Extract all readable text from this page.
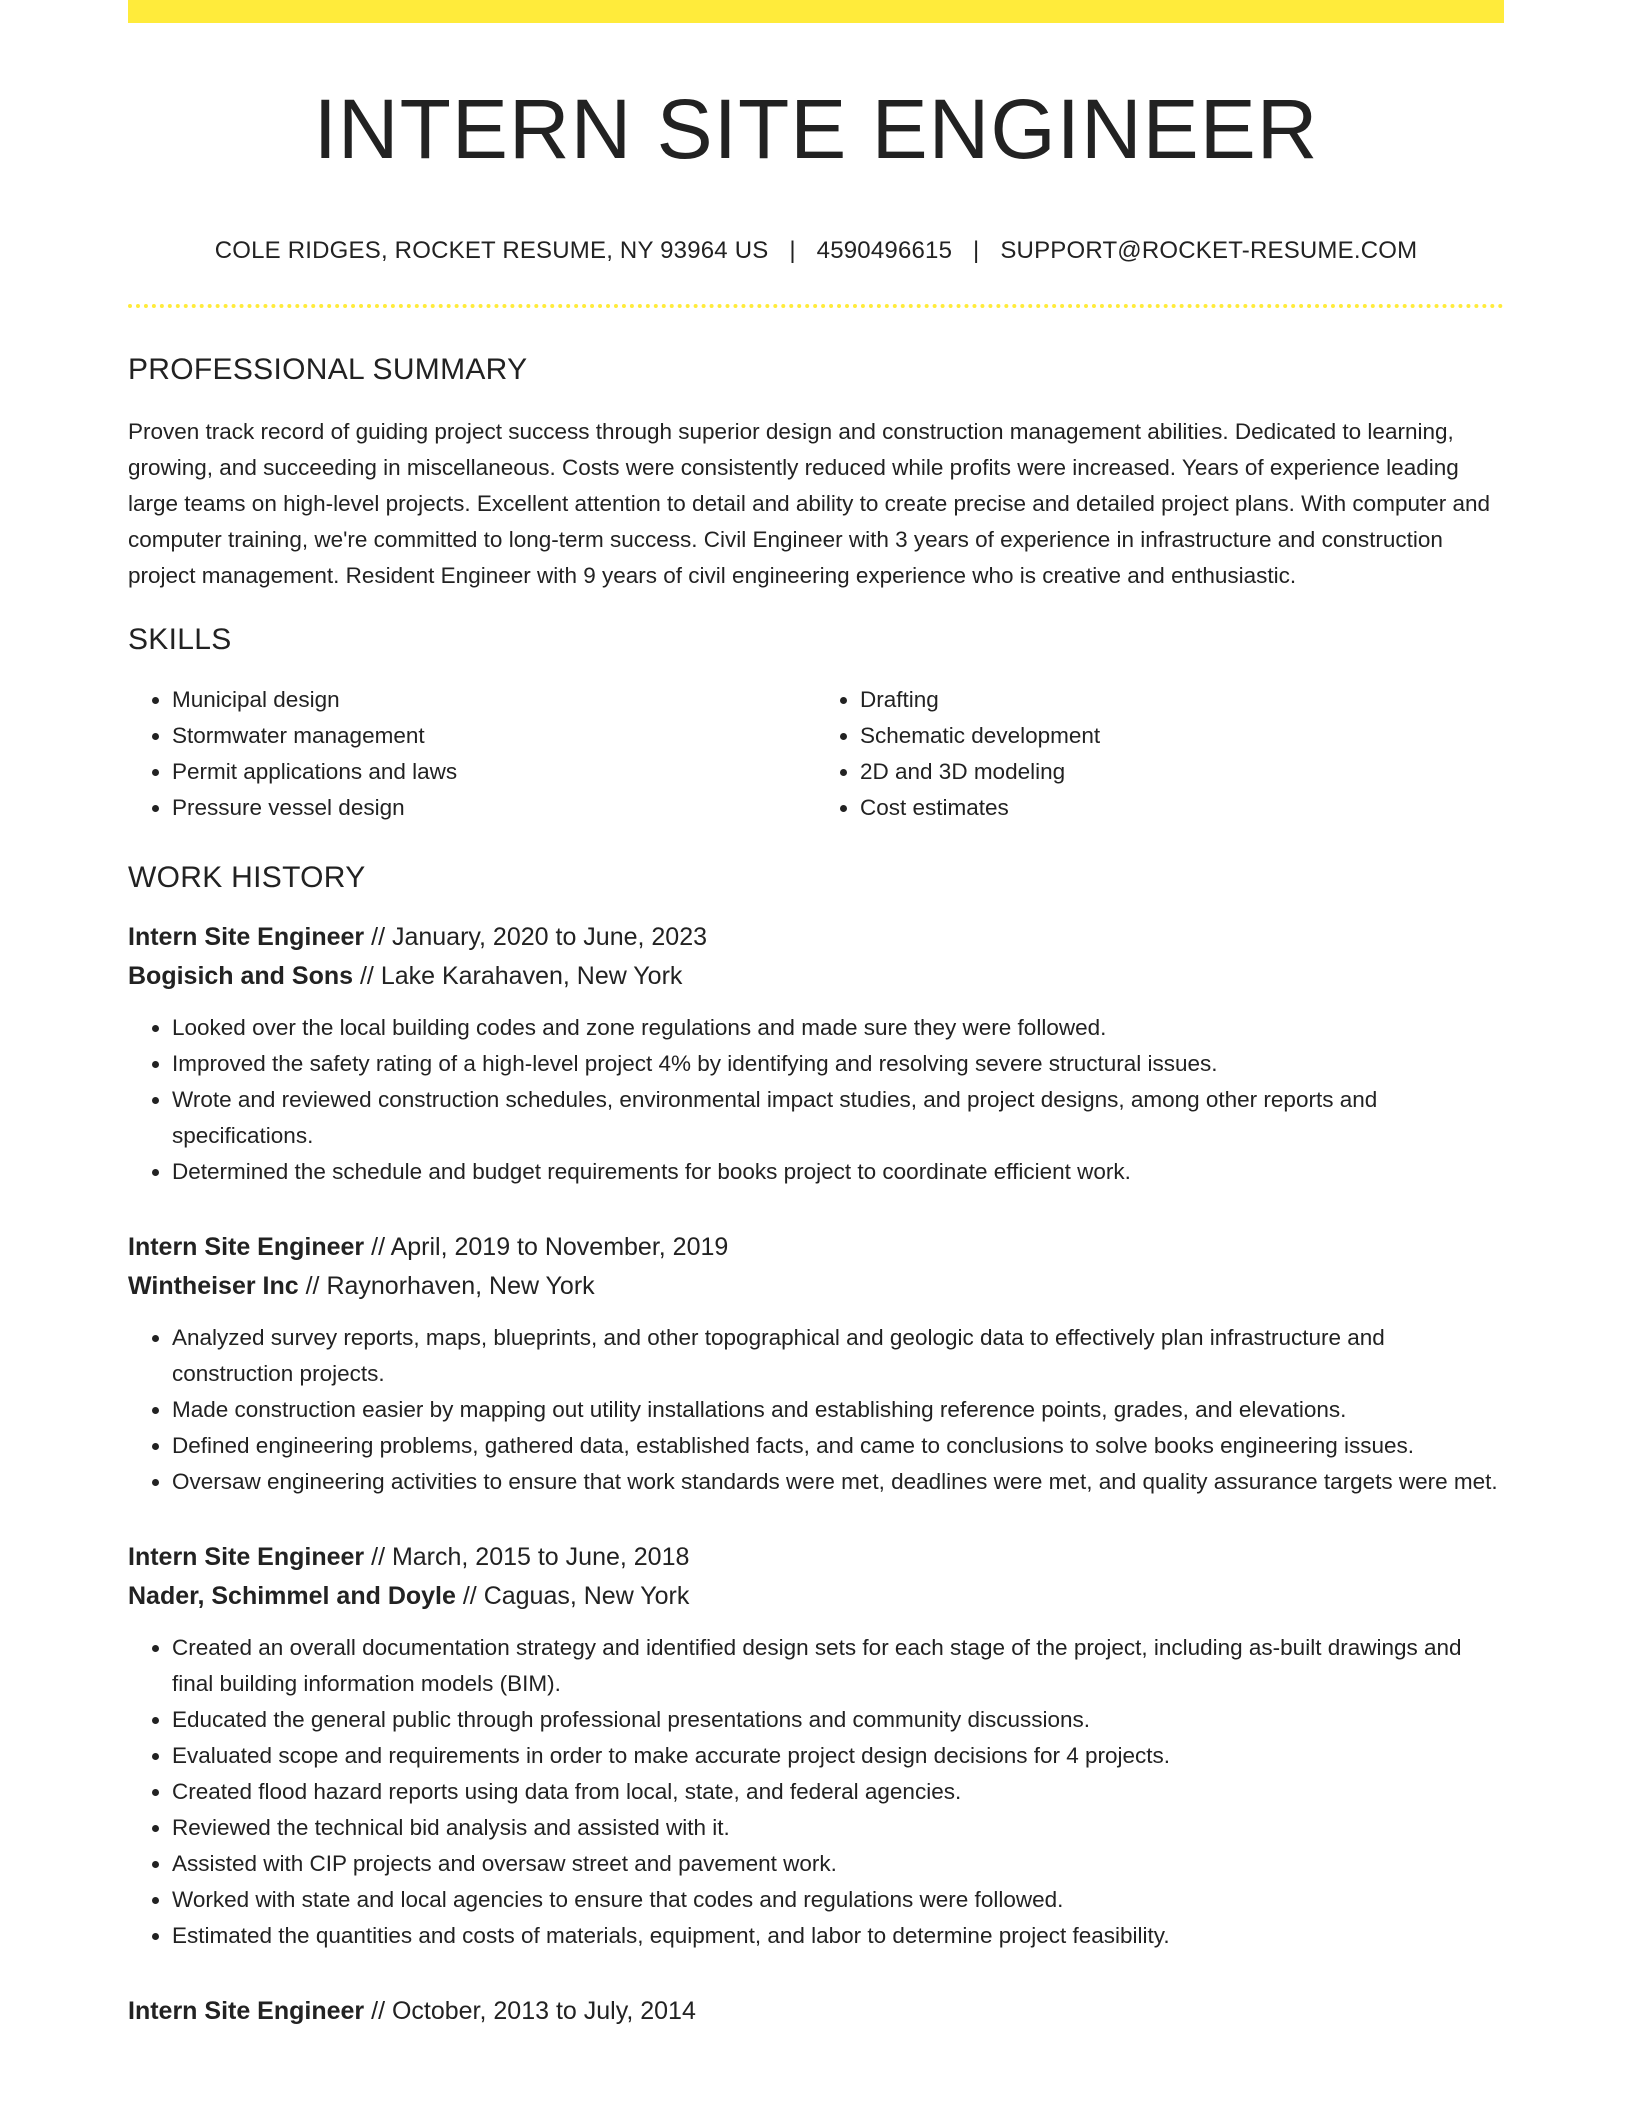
INTERN SITE ENGINEER
COLE RIDGES, ROCKET RESUME, NY 93964 US | 4590496615 | SUPPORT@ROCKET-RESUME.COM
PROFESSIONAL SUMMARY

Proven track record of guiding project success through superior design and construction management abilities. Dedicated to learning, growing, and succeeding in miscellaneous. Costs were consistently reduced while profits were increased. Years of experience leading large teams on high-level projects. Excellent attention to detail and ability to create precise and detailed project plans. With computer and computer training, we're committed to long-term success. Civil Engineer with 3 years of experience in infrastructure and construction project management. Resident Engineer with 9 years of civil engineering experience who is creative and enthusiastic.

SKILLS
• Municipal design
• Stormwater management
• Permit applications and laws
• Pressure vessel design
• Drafting
• Schematic development
• 2D and 3D modeling
• Cost estimates
WORK HISTORY
Intern Site Engineer // January, 2020 to June, 2023
Bogisich and Sons // Lake Karahaven, New York
• Looked over the local building codes and zone regulations and made sure they were followed.
• Improved the safety rating of a high-level project 4% by identifying and resolving severe structural issues.
• Wrote and reviewed construction schedules, environmental impact studies, and project designs, among other reports and specifications.
• Determined the schedule and budget requirements for books project to coordinate efficient work.
Intern Site Engineer // April, 2019 to November, 2019
Wintheiser Inc // Raynorhaven, New York
• Analyzed survey reports, maps, blueprints, and other topographical and geologic data to effectively plan infrastructure and construction projects.
• Made construction easier by mapping out utility installations and establishing reference points, grades, and elevations.
• Defined engineering problems, gathered data, established facts, and came to conclusions to solve books engineering issues.
• Oversaw engineering activities to ensure that work standards were met, deadlines were met, and quality assurance targets were met.
Intern Site Engineer // March, 2015 to June, 2018
Nader, Schimmel and Doyle // Caguas, New York
• Created an overall documentation strategy and identified design sets for each stage of the project, including as-built drawings and final building information models (BIM).
• Educated the general public through professional presentations and community discussions.
• Evaluated scope and requirements in order to make accurate project design decisions for 4 projects.
• Created flood hazard reports using data from local, state, and federal agencies.
• Reviewed the technical bid analysis and assisted with it.
• Assisted with CIP projects and oversaw street and pavement work.
• Worked with state and local agencies to ensure that codes and regulations were followed.
• Estimated the quantities and costs of materials, equipment, and labor to determine project feasibility.
Intern Site Engineer // October, 2013 to July, 2014
